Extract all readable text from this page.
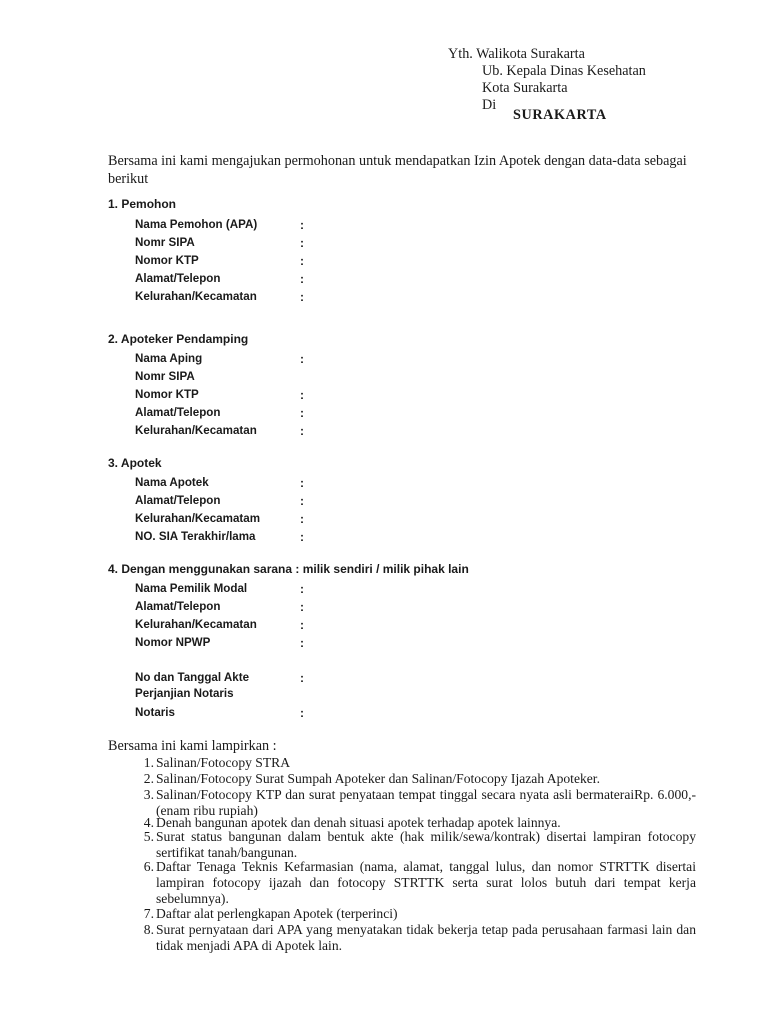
Yth. Walikota Surakarta
Ub. Kepala Dinas Kesehatan
Kota Surakarta
Di
SURAKARTA
Bersama ini kami mengajukan permohonan untuk mendapatkan Izin Apotek dengan data-data sebagai berikut
1. Pemohon
Nama Pemohon (APA)	:
Nomr SIPA	:
Nomor KTP	:
Alamat/Telepon	:
Kelurahan/Kecamatan	:
2. Apoteker Pendamping
Nama Aping	:
Nomr SIPA
Nomor KTP	:
Alamat/Telepon	:
Kelurahan/Kecamatan	:
3. Apotek
Nama Apotek	:
Alamat/Telepon	:
Kelurahan/Kecamatam	:
NO. SIA Terakhir/lama	:
4. Dengan menggunakan sarana : milik sendiri / milik pihak lain
Nama Pemilik Modal	:
Alamat/Telepon	:
Kelurahan/Kecamatan	:
Nomor NPWP	:
No dan Tanggal Akte	:
Perjanjian Notaris
Notaris	:
Bersama ini kami lampirkan :
1. Salinan/Fotocopy STRA
2. Salinan/Fotocopy Surat Sumpah Apoteker dan Salinan/Fotocopy Ijazah Apoteker.
3. Salinan/Fotocopy KTP dan surat penyataan tempat tinggal secara nyata asli bermateraiRp. 6.000,- (enam ribu rupiah)
4. Denah bangunan apotek dan denah situasi apotek terhadap apotek lainnya.
5. Surat status bangunan dalam bentuk akte (hak milik/sewa/kontrak) disertai lampiran fotocopy sertifikat tanah/bangunan.
6. Daftar Tenaga Teknis Kefarmasian (nama, alamat, tanggal lulus, dan nomor STRTTK disertai lampiran fotocopy ijazah dan fotocopy STRTTK serta surat lolos butuh dari tempat kerja sebelumnya).
7. Daftar alat perlengkapan Apotek (terperinci)
8. Surat pernyataan dari APA yang menyatakan tidak bekerja tetap pada perusahaan farmasi lain dan tidak menjadi APA di Apotek lain.
